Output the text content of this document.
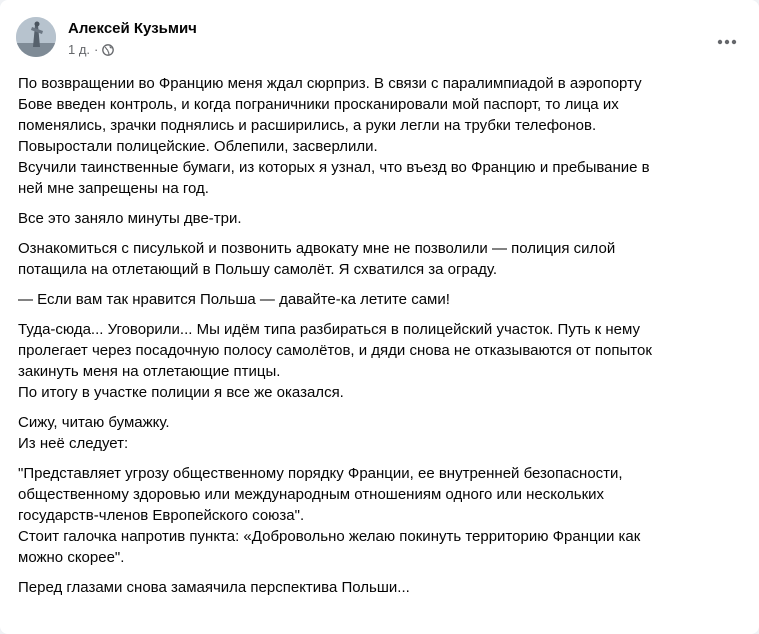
Алексей Кузьмич
1 д. ·

По возвращении во Францию меня ждал сюрприз. В связи с паралимпиадой в аэропорту
Бове введен контроль, и когда пограничники просканировали мой паспорт, то лица их
поменялись, зрачки поднялись и расширились, а руки легли на трубки телефонов.
Повыростали полицейские. Облепили, засверлили.
Всучили таинственные бумаги, из которых я узнал, что въезд во Францию и пребывание в
ней мне запрещены на год.

Все это заняло минуты две-три.

Ознакомиться с писулькой и позвонить адвокату мне не позволили — полиция силой
потащила на отлетающий в Польшу самолёт. Я схватился за ограду.

— Если вам так нравится Польша — давайте-ка летите сами!

Туда-сюда... Уговорили... Мы идём типа разбираться в полицейский участок. Путь к нему
пролегает через посадочную полосу самолётов, и дяди снова не отказываются от попыток
закинуть меня на отлетающие птицы.
По итогу в участке полиции я все же оказался.

Сижу, читаю бумажку.
Из неё следует:

"Представляет угрозу общественному порядку Франции, ее внутренней безопасности,
общественному здоровью или международным отношениям одного или нескольких
государств-членов Европейского союза".
Стоит галочка напротив пункта: «Добровольно желаю покинуть территорию Франции как
можно скорее".

Перед глазами снова замаячила перспектива Польши...
